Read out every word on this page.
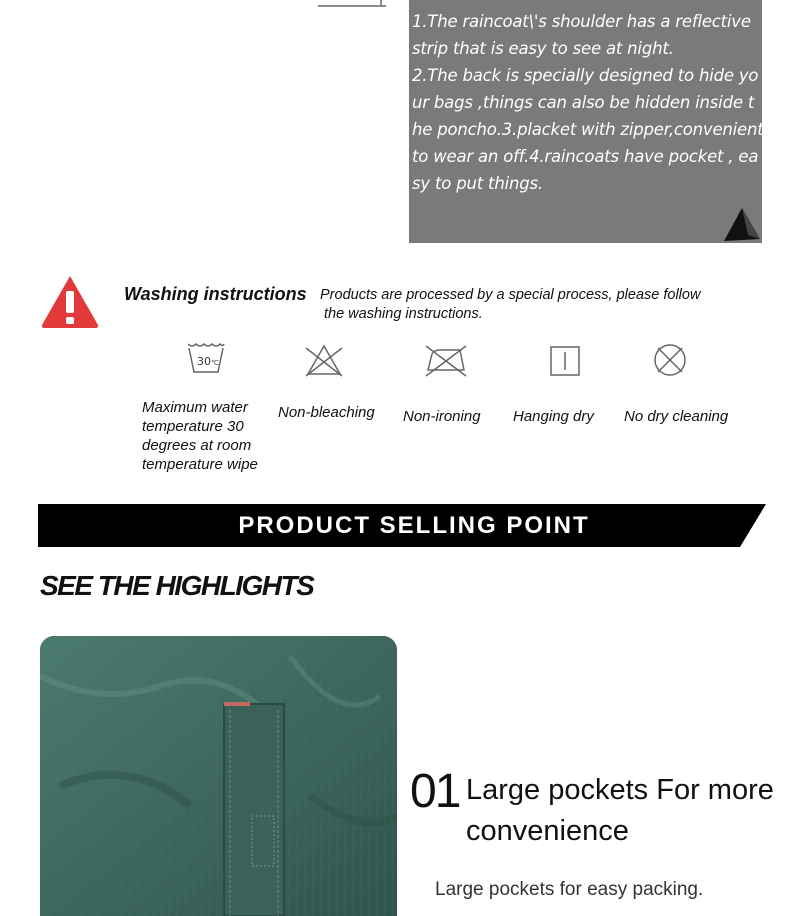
1.The raincoat\'s shoulder has a reflective strip that is easy to see at night.
2.The back is specially designed to hide your bags ,things can also be hidden inside the poncho.3.placket with zipper,convenient to wear an off.4.raincoats have pocket , easy to put things.
Washing instructions Products are processed by a special process, please follow
the washing instructions.
30 ℃
Maximum water temperature 30 degrees at room temperature wipe
Non-bleaching Non-ironing Hanging dry No dry cleaning
PRODUCT SELLING POINT
SEE THE HIGHLIGHTS
01 Large pockets For more convenience
Large pockets for easy packing.
